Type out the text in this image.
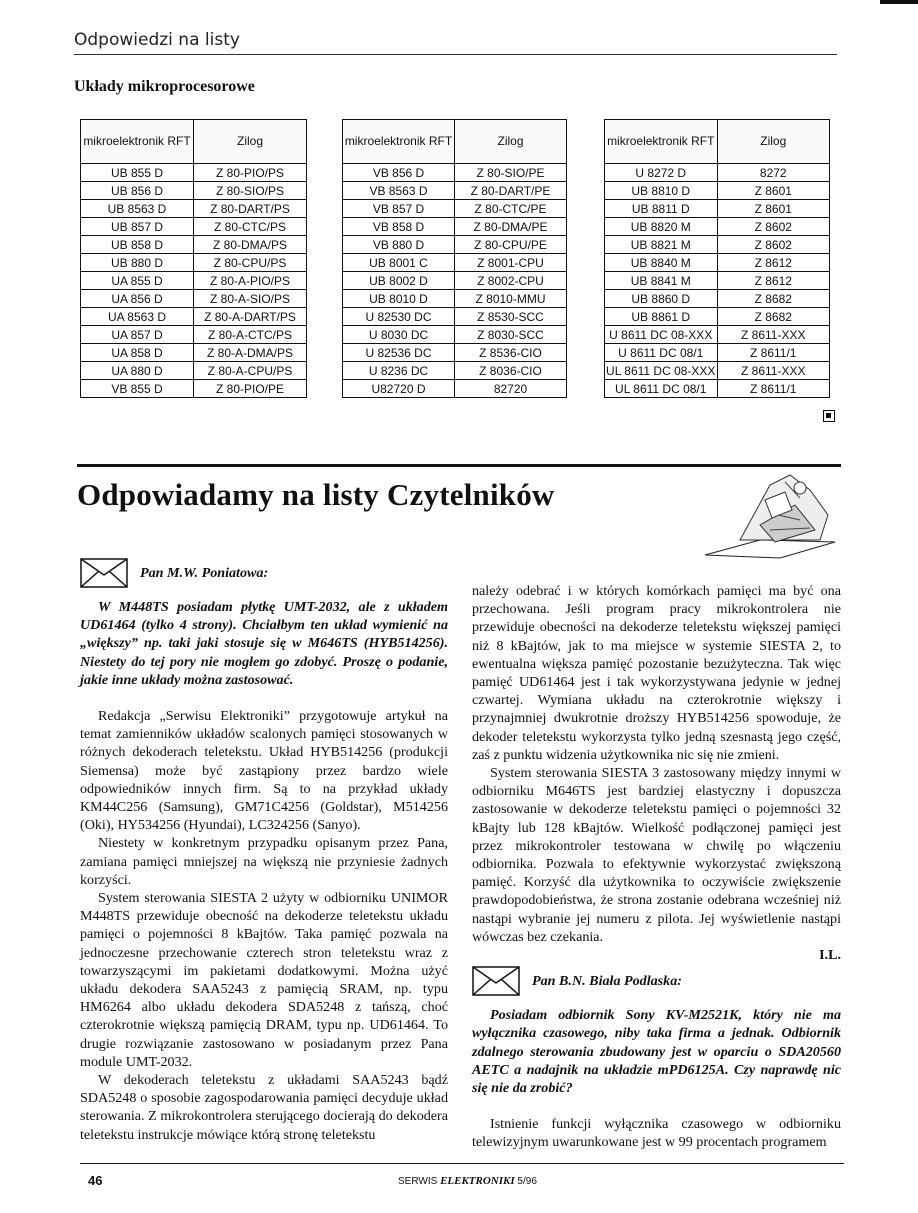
Odpowiedzi na listy
Układy mikroprocesorowe
mikroelektronik RFT	Zilog
UB 855 D	Z 80-PIO/PS
UB 856 D	Z 80-SIO/PS
UB 8563 D	Z 80-DART/PS
UB 857 D	Z 80-CTC/PS
UB 858 D	Z 80-DMA/PS
UB 880 D	Z 80-CPU/PS
UA 855 D	Z 80-A-PIO/PS
UA 856 D	Z 80-A-SIO/PS
UA 8563 D	Z 80-A-DART/PS
UA 857 D	Z 80-A-CTC/PS
UA 858 D	Z 80-A-DMA/PS
UA 880 D	Z 80-A-CPU/PS
VB 855 D	Z 80-PIO/PE
mikroelektronik RFT	Zilog
VB 856 D	Z 80-SIO/PE
VB 8563 D	Z 80-DART/PE
VB 857 D	Z 80-CTC/PE
VB 858 D	Z 80-DMA/PE
VB 880 D	Z 80-CPU/PE
UB 8001 C	Z 8001-CPU
UB 8002 D	Z 8002-CPU
UB 8010 D	Z 8010-MMU
U 82530 DC	Z 8530-SCC
U 8030 DC	Z 8030-SCC
U 82536 DC	Z 8536-CIO
U 8236 DC	Z 8036-CIO
U82720 D	82720
mikroelektronik RFT	Zilog
U 8272 D	8272
UB 8810 D	Z 8601
UB 8811 D	Z 8601
UB 8820 M	Z 8602
UB 8821 M	Z 8602
UB 8840 M	Z 8612
UB 8841 M	Z 8612
UB 8860 D	Z 8682
UB 8861 D	Z 8682
U 8611 DC 08-XXX	Z 8611-XXX
U 8611 DC 08/1	Z 8611/1
UL 8611 DC 08-XXX	Z 8611-XXX
UL 8611 DC 08/1	Z 8611/1
Odpowiadamy na listy Czytelników
Pan M.W. Poniatowa:

W M448TS posiadam płytkę UMT-2032, ale z układem UD61464 (tylko 4 strony). Chciałbym ten układ wymienić na „większy” np. taki jaki stosuje się w M646TS (HYB514256). Niestety do tej pory nie mogłem go zdobyć. Proszę o podanie, jakie inne układy można zastosować.

Redakcja „Serwisu Elektroniki” przygotowuje artykuł na temat zamienników układów scalonych pamięci stosowanych w różnych dekoderach teletekstu. Układ HYB514256 (produkcji Siemensa) może być zastąpiony przez bardzo wiele odpowiedników innych firm. Są to na przykład układy KM44C256 (Samsung), GM71C4256 (Goldstar), M514256 (Oki), HY534256 (Hyundai), LC324256 (Sanyo).

Niestety w konkretnym przypadku opisanym przez Pana, zamiana pamięci mniejszej na większą nie przyniesie żadnych korzyści.

System sterowania SIESTA 2 użyty w odbiorniku UNIMOR M448TS przewiduje obecność na dekoderze teletekstu układu pamięci o pojemności 8 kBajtów. Taka pamięć pozwala na jednoczesne przechowanie czterech stron teletekstu wraz z towarzyszącymi im pakietami dodatkowymi. Można użyć układu dekodera SAA5243 z pamięcią SRAM, np. typu HM6264 albo układu dekodera SDA5248 z tańszą, choć czterokrotnie większą pamięcią DRAM, typu np. UD61464. To drugie rozwiązanie zastosowano w posiadanym przez Pana module UMT-2032.

W dekoderach teletekstu z układami SAA5243 bądź SDA5248 o sposobie zagospodarowania pamięci decyduje układ sterowania. Z mikrokontrolera sterującego docierają do dekodera teletekstu instrukcje mówiące którą stronę teletekstu

należy odebrać i w których komórkach pamięci ma być ona przechowana. Jeśli program pracy mikrokontrolera nie przewiduje obecności na dekoderze teletekstu większej pamięci niż 8 kBajtów, jak to ma miejsce w systemie SIESTA 2, to ewentualna większa pamięć pozostanie bezużyteczna. Tak więc pamięć UD61464 jest i tak wykorzystywana jedynie w jednej czwartej. Wymiana układu na czterokrotnie większy i przynajmniej dwukrotnie droższy HYB514256 spowoduje, że dekoder teletekstu wykorzysta tylko jedną szesnastą jego część, zaś z punktu widzenia użytkownika nic się nie zmieni.

System sterowania SIESTA 3 zastosowany między innymi w odbiorniku M646TS jest bardziej elastyczny i dopuszcza zastosowanie w dekoderze teletekstu pamięci o pojemności 32 kBajty lub 128 kBajtów. Wielkość podłączonej pamięci jest przez mikrokontroler testowana w chwilę po włączeniu odbiornika. Pozwala to efektywnie wykorzystać zwiększoną pamięć. Korzyść dla użytkownika to oczywiście zwiększenie prawdopodobieństwa, że strona zostanie odebrana wcześniej niż nastąpi wybranie jej numeru z pilota. Jej wyświetlenie nastąpi wówczas bez czekania.

I.L.

Pan B.N. Biała Podlaska:

Posiadam odbiornik Sony KV-M2521K, który nie ma wyłącznika czasowego, niby taka firma a jednak. Odbiornik zdalnego sterowania zbudowany jest w oparciu o SDA20560 AETC a nadajnik na układzie mPD6125A. Czy naprawdę nic się nie da zrobić?

Istnienie funkcji wyłącznika czasowego w odbiorniku telewizyjnym uwarunkowane jest w 99 procentach programem

46	SERWIS ELEKTRONIKI 5/96
